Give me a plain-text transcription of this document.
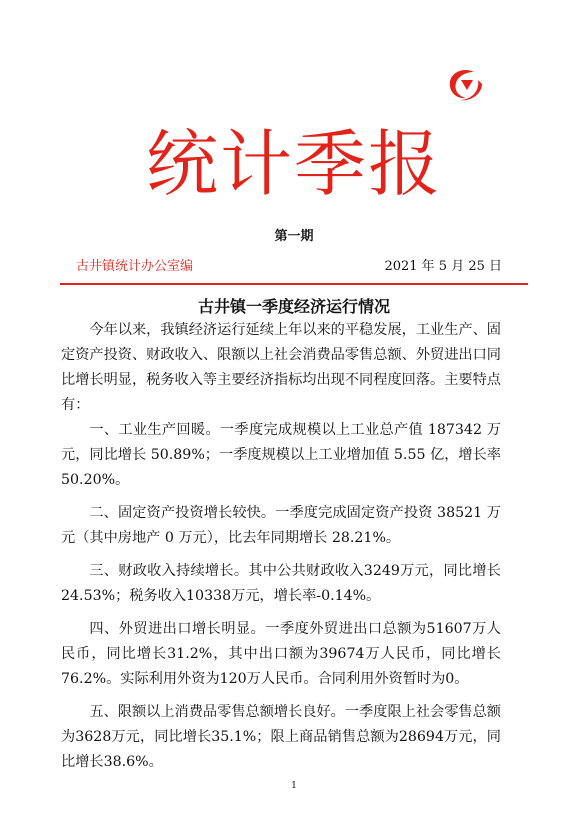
统计季报
第一期
古井镇统计办公室编	2021 年 5 月 25 日
古井镇一季度经济运行情况

今年以来，我镇经济运行延续上年以来的平稳发展，工业生产、固定资产投资、财政收入、限额以上社会消费品零售总额、外贸进出口同比增长明显，税务收入等主要经济指标均出现不同程度回落。主要特点有：

一、工业生产回暖。一季度完成规模以上工业总产值 187342 万元，同比增长 50.89%；一季度规模以上工业增加值 5.55 亿，增长率 50.20%。

二、固定资产投资增长较快。一季度完成固定资产投资 38521 万元（其中房地产 0 万元），比去年同期增长 28.21%。

三、财政收入持续增长。其中公共财政收入3249万元，同比增长24.53%；税务收入10338万元，增长率-0.14%。

四、外贸进出口增长明显。一季度外贸进出口总额为51607万人民币，同比增长31.2%，其中出口额为39674万人民币，同比增长76.2%。实际利用外资为120万人民币。合同利用外资暂时为0。

五、限额以上消费品零售总额增长良好。一季度限上社会零售总额为3628万元，同比增长35.1%；限上商品销售总额为28694万元，同比增长38.6%。

1
